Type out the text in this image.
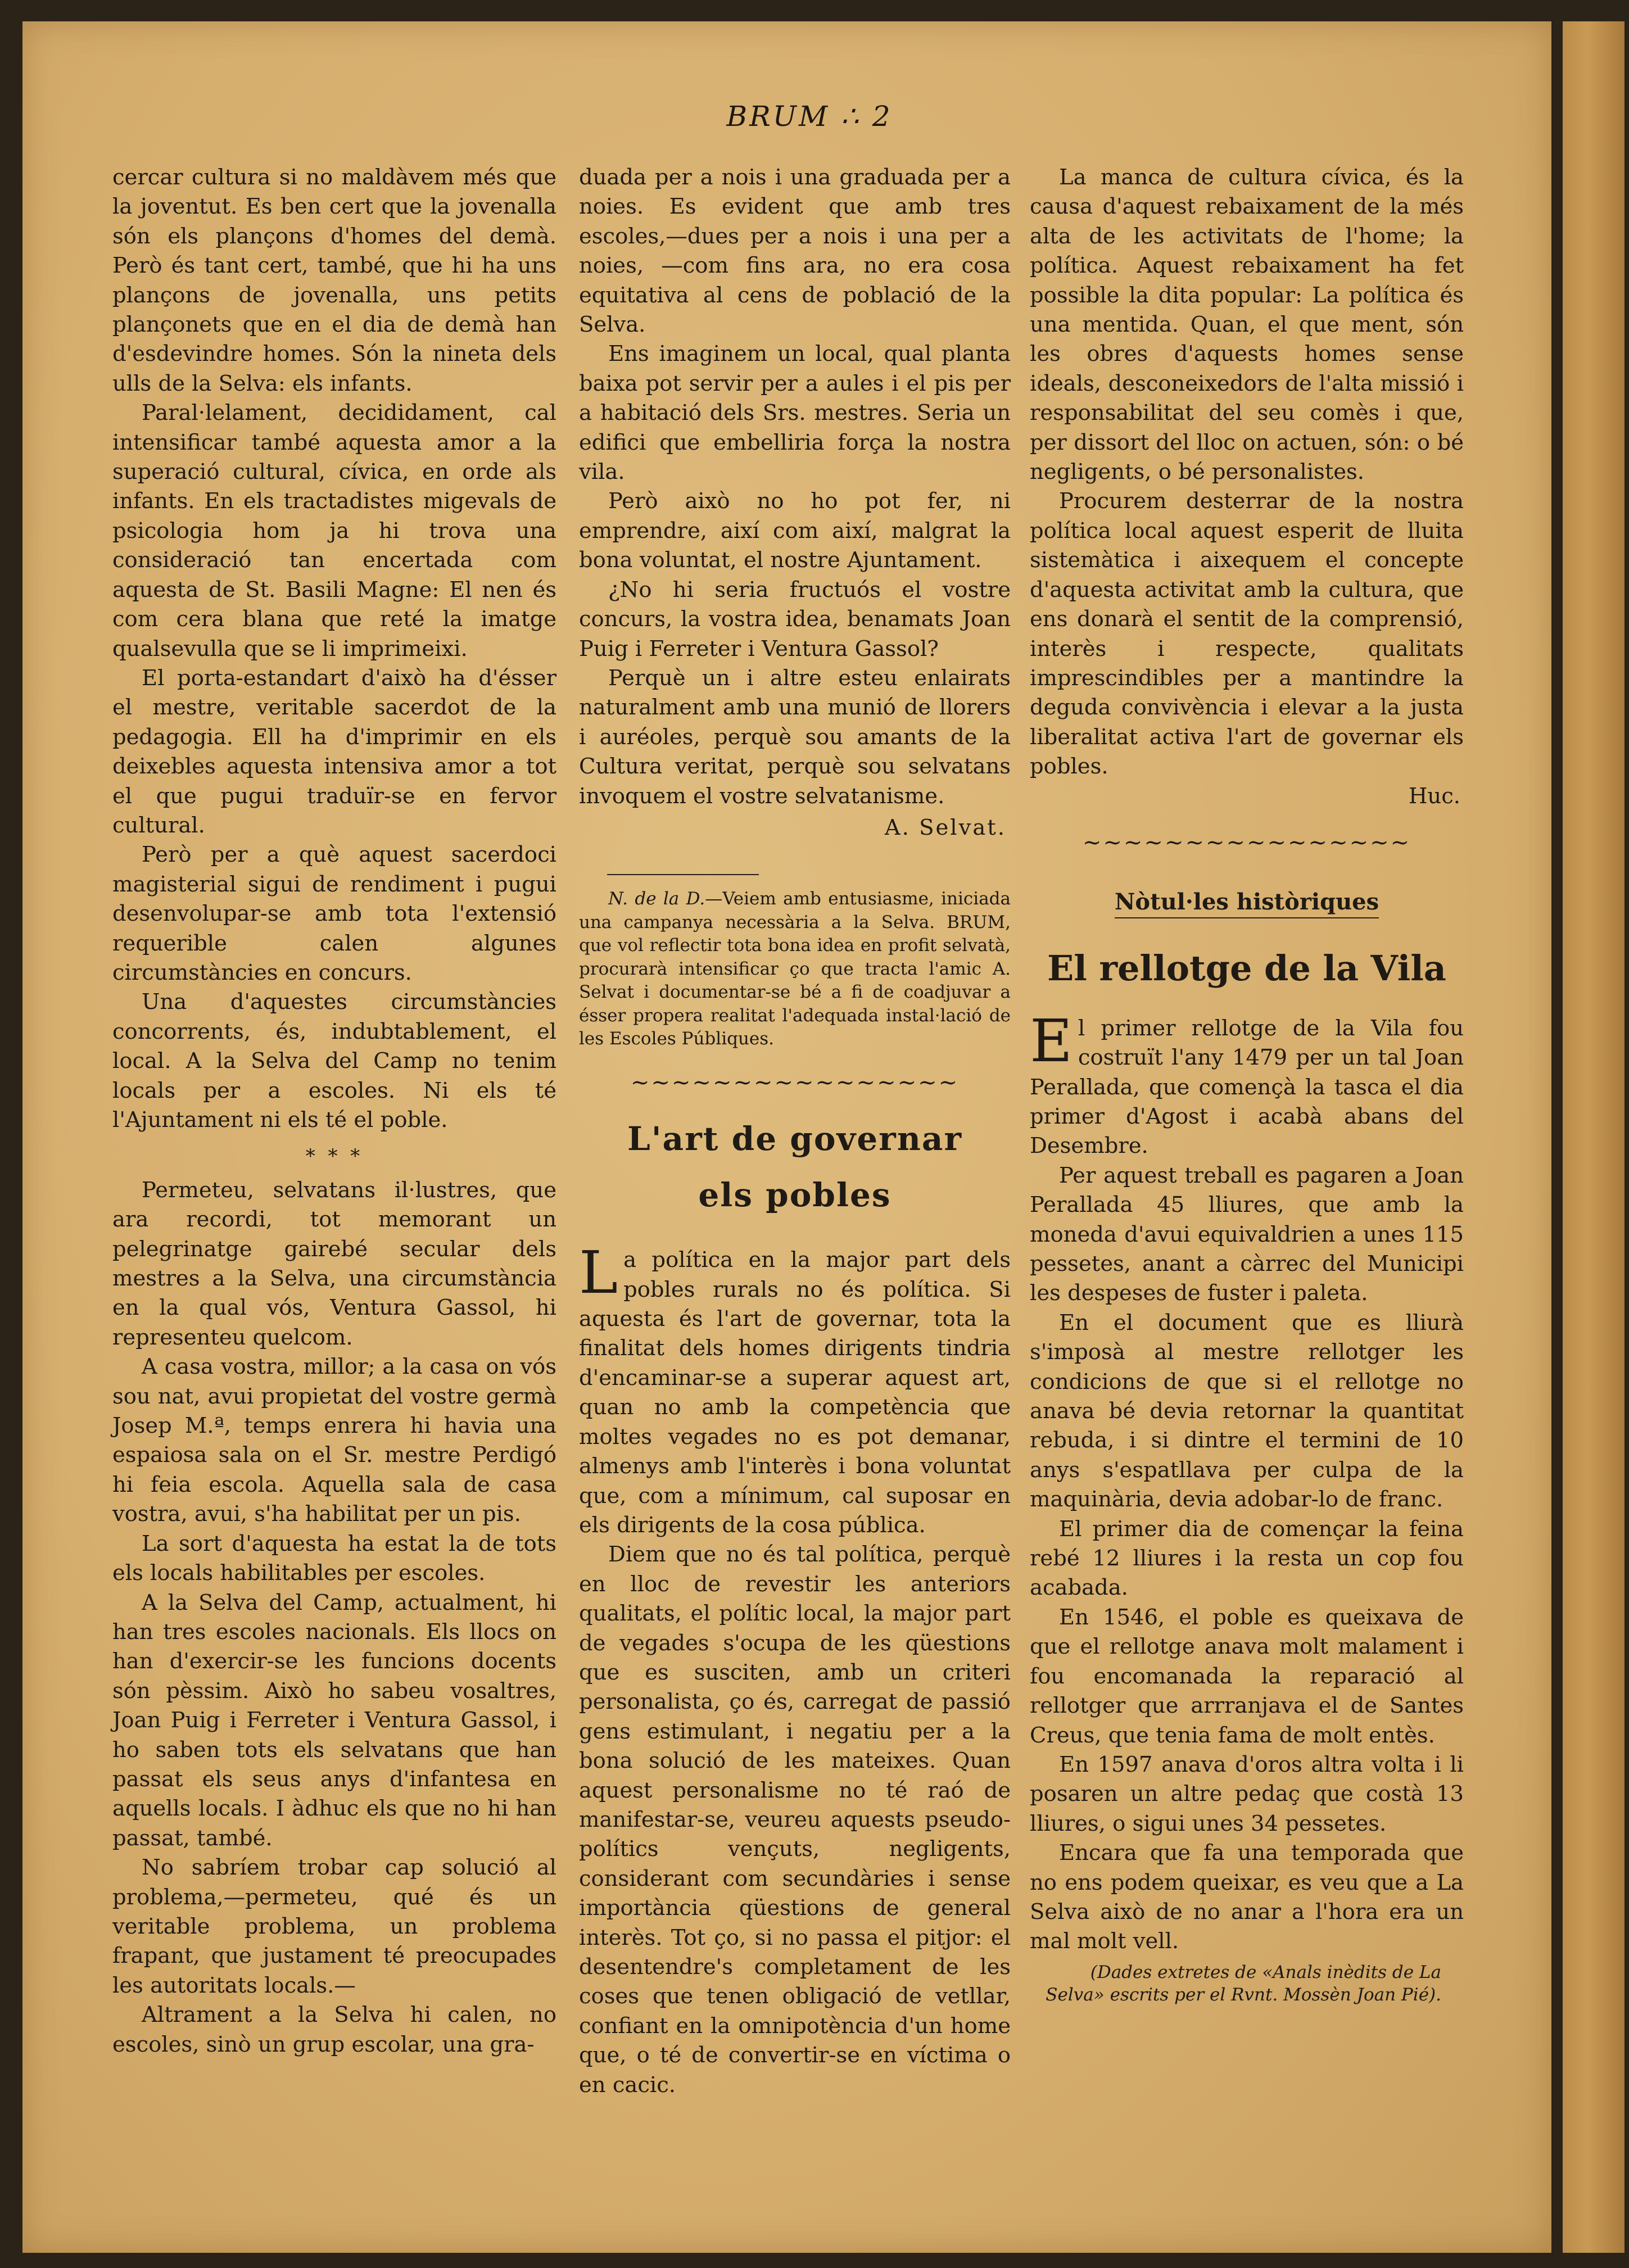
BRUM ∴ 2

cercar cultura si no maldàvem més que la joventut. Es ben cert que la jovenalla són els plançons d'homes del demà. Però és tant cert, també, que hi ha uns plançons de jovenalla, uns petits plançonets que en el dia de demà han d'esdevindre homes. Són la nineta dels ulls de la Selva: els infants.

Paral·lelament, decididament, cal intensificar també aquesta amor a la superació cultural, cívica, en orde als infants. En els tractadistes migevals de psicologia hom ja hi trova una consideració tan encertada com aquesta de St. Basili Magne: El nen és com cera blana que reté la imatge qualsevulla que se li imprimeixi.

El porta-estandart d'això ha d'ésser el mestre, veritable sacerdot de la pedagogia. Ell ha d'imprimir en els deixebles aquesta intensiva amor a tot el que pugui traduïr-se en fervor cultural.

Però per a què aquest sacerdoci magisterial sigui de rendiment i pugui desenvolupar-se amb tota l'extensió requerible calen algunes circumstàncies en concurs.

Una d'aquestes circumstàncies concorrents, és, indubtablement, el local. A la Selva del Camp no tenim locals per a escoles. Ni els té l'Ajuntament ni els té el poble.

* * *

Permeteu, selvatans il·lustres, que ara recordi, tot memorant un pelegrinatge gairebé secular dels mestres a la Selva, una circumstància en la qual vós, Ventura Gassol, hi representeu quelcom.

A casa vostra, millor; a la casa on vós sou nat, avui propietat del vostre germà Josep M.ª, temps enrera hi havia una espaiosa sala on el Sr. mestre Perdigó hi feia escola. Aquella sala de casa vostra, avui, s'ha habilitat per un pis.

La sort d'aquesta ha estat la de tots els locals habilitables per escoles.

A la Selva del Camp, actualment, hi han tres escoles nacionals. Els llocs on han d'exercir-se les funcions docents són pèssim. Això ho sabeu vosaltres, Joan Puig i Ferreter i Ventura Gassol, i ho saben tots els selvatans que han passat els seus anys d'infantesa en aquells locals. I àdhuc els que no hi han passat, també.

No sabríem trobar cap solució al problema,—permeteu, qué és un veritable problema, un problema frapant, que justament té preocupades les autoritats locals.—

Altrament a la Selva hi calen, no escoles, sinò un grup escolar, una gra-

duada per a nois i una graduada per a noies. Es evident que amb tres escoles,—dues per a nois i una per a noies, —com fins ara, no era cosa equitativa al cens de població de la Selva.

Ens imaginem un local, qual planta baixa pot servir per a aules i el pis per a habitació dels Srs. mestres. Seria un edifici que embelliria força la nostra vila.

Però això no ho pot fer, ni emprendre, així com així, malgrat la bona voluntat, el nostre Ajuntament.

¿No hi seria fructuós el vostre concurs, la vostra idea, benamats Joan Puig i Ferreter i Ventura Gassol?

Perquè un i altre esteu enlairats naturalment amb una munió de llorers i auréoles, perquè sou amants de la Cultura veritat, perquè sou selvatans invoquem el vostre selvatanisme.

A. Selvat.

N. de la D.—Veiem amb entusiasme, iniciada una campanya necessària a la Selva. BRUM, que vol reflectir tota bona idea en profit selvatà, procurarà intensificar ço que tracta l'amic A. Selvat i documentar-se bé a fi de coadjuvar a ésser propera realitat l'adequada instal·lació de les Escoles Públiques.

~~~~~~~~~~~~~~~~
L'art de governar
els pobles

La política en la major part dels pobles rurals no és política. Si aquesta és l'art de governar, tota la finalitat dels homes dirigents tindria d'encaminar-se a superar aquest art, quan no amb la competència que moltes vegades no es pot demanar, almenys amb l'interès i bona voluntat que, com a mínimum, cal suposar en els dirigents de la cosa pública.

Diem que no és tal política, perquè en lloc de revestir les anteriors qualitats, el polític local, la major part de vegades s'ocupa de les qüestions que es susciten, amb un criteri personalista, ço és, carregat de passió gens estimulant, i negatiu per a la bona solució de les mateixes. Quan aquest personalisme no té raó de manifestar-se, veureu aquests pseudo-polítics vençuts, negligents, considerant com secundàries i sense importància qüestions de general interès. Tot ço, si no passa el pitjor: el desentendre's completament de les coses que tenen obligació de vetllar, confiant en la omnipotència d'un home que, o té de convertir-se en víctima o en cacic.

La manca de cultura cívica, és la causa d'aquest rebaixament de la més alta de les activitats de l'home; la política. Aquest rebaixament ha fet possible la dita popular: La política és una mentida. Quan, el que ment, són les obres d'aquests homes sense ideals, desconeixedors de l'alta missió i responsabilitat del seu comès i que, per dissort del lloc on actuen, són: o bé negligents, o bé personalistes.

Procurem desterrar de la nostra política local aquest esperit de lluita sistemàtica i aixequem el concepte d'aquesta activitat amb la cultura, que ens donarà el sentit de la comprensió, interès i respecte, qualitats imprescindibles per a mantindre la deguda convivència i elevar a la justa liberalitat activa l'art de governar els pobles.

Huc.
~~~~~~~~~~~~~~~~
Nòtul·les històriques
El rellotge de la Vila

El primer rellotge de la Vila fou costruït l'any 1479 per un tal Joan Perallada, que començà la tasca el dia primer d'Agost i acabà abans del Desembre.

Per aquest treball es pagaren a Joan Perallada 45 lliures, que amb la moneda d'avui equivaldrien a unes 115 pessetes, anant a càrrec del Municipi les despeses de fuster i paleta.

En el document que es lliurà s'imposà al mestre rellotger les condicions de que si el rellotge no anava bé devia retornar la quantitat rebuda, i si dintre el termini de 10 anys s'espatllava per culpa de la maquinària, devia adobar-lo de franc.

El primer dia de començar la feina rebé 12 lliures i la resta un cop fou acabada.

En 1546, el poble es queixava de que el rellotge anava molt malament i fou encomanada la reparació al rellotger que arrranjava el de Santes Creus, que tenia fama de molt entès.

En 1597 anava d'oros altra volta i li posaren un altre pedaç que costà 13 lliures, o sigui unes 34 pessetes.

Encara que fa una temporada que no ens podem queixar, es veu que a La Selva això de no anar a l'hora era un mal molt vell.

(Dades extretes de «Anals inèdits de La Selva» escrits per el Rvnt. Mossèn Joan Pié).
